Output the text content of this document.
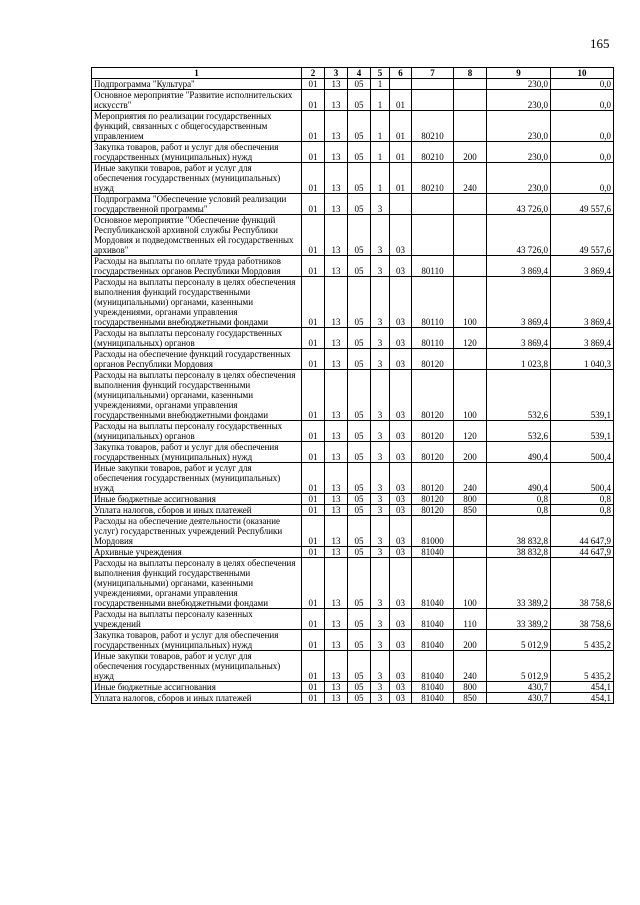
165
1	2	3	4	5	6	7	8	9	10
Подпрограмма "Культура"	01	13	05	1				230,0	0,0
Основное мероприятие "Развитие исполнительских искусств"	01	13	05	1	01			230,0	0,0
Мероприятия по реализации государственных функций, связанных с общегосударственным управлением	01	13	05	1	01	80210		230,0	0,0
Закупка товаров, работ и услуг для обеспечения государственных (муниципальных) нужд	01	13	05	1	01	80210	200	230,0	0,0
Иные закупки товаров, работ и услуг для обеспечения государственных (муниципальных) нужд	01	13	05	1	01	80210	240	230,0	0,0
Подпрограмма "Обеспечение условий реализации государственной программы"	01	13	05	3				43 726,0	49 557,6
Основное мероприятие "Обеспечение функций Республиканской архивной службы Республики Мордовия и подведомственных ей государственных архивов"	01	13	05	3	03			43 726,0	49 557,6
Расходы на выплаты по оплате труда работников государственных органов Республики Мордовия	01	13	05	3	03	80110		3 869,4	3 869,4
Расходы на выплаты персоналу в целях обеспечения выполнения функций государственными (муниципальными) органами, казенными учреждениями, органами управления государственными внебюджетными фондами	01	13	05	3	03	80110	100	3 869,4	3 869,4
Расходы на выплаты персоналу государственных (муниципальных) органов	01	13	05	3	03	80110	120	3 869,4	3 869,4
Расходы на обеспечение функций государственных органов Республики Мордовия	01	13	05	3	03	80120		1 023,8	1 040,3
Расходы на выплаты персоналу в целях обеспечения выполнения функций государственными (муниципальными) органами, казенными учреждениями, органами управления государственными внебюджетными фондами	01	13	05	3	03	80120	100	532,6	539,1
Расходы на выплаты персоналу государственных (муниципальных) органов	01	13	05	3	03	80120	120	532,6	539,1
Закупка товаров, работ и услуг для обеспечения государственных (муниципальных) нужд	01	13	05	3	03	80120	200	490,4	500,4
Иные закупки товаров, работ и услуг для обеспечения государственных (муниципальных) нужд	01	13	05	3	03	80120	240	490,4	500,4
Иные бюджетные ассигнования	01	13	05	3	03	80120	800	0,8	0,8
Уплата налогов, сборов и иных платежей	01	13	05	3	03	80120	850	0,8	0,8
Расходы на обеспечение деятельности (оказание услуг) государственных учреждений Республики Мордовия	01	13	05	3	03	81000		38 832,8	44 647,9
Архивные учреждения	01	13	05	3	03	81040		38 832,8	44 647,9
Расходы на выплаты персоналу в целях обеспечения выполнения функций государственными (муниципальными) органами, казенными учреждениями, органами управления государственными внебюджетными фондами	01	13	05	3	03	81040	100	33 389,2	38 758,6
Расходы на выплаты персоналу казенных учреждений	01	13	05	3	03	81040	110	33 389,2	38 758,6
Закупка товаров, работ и услуг для обеспечения государственных (муниципальных) нужд	01	13	05	3	03	81040	200	5 012,9	5 435,2
Иные закупки товаров, работ и услуг для обеспечения государственных (муниципальных) нужд	01	13	05	3	03	81040	240	5 012,9	5 435,2
Иные бюджетные ассигнования	01	13	05	3	03	81040	800	430,7	454,1
Уплата налогов, сборов и иных платежей	01	13	05	3	03	81040	850	430,7	454,1
